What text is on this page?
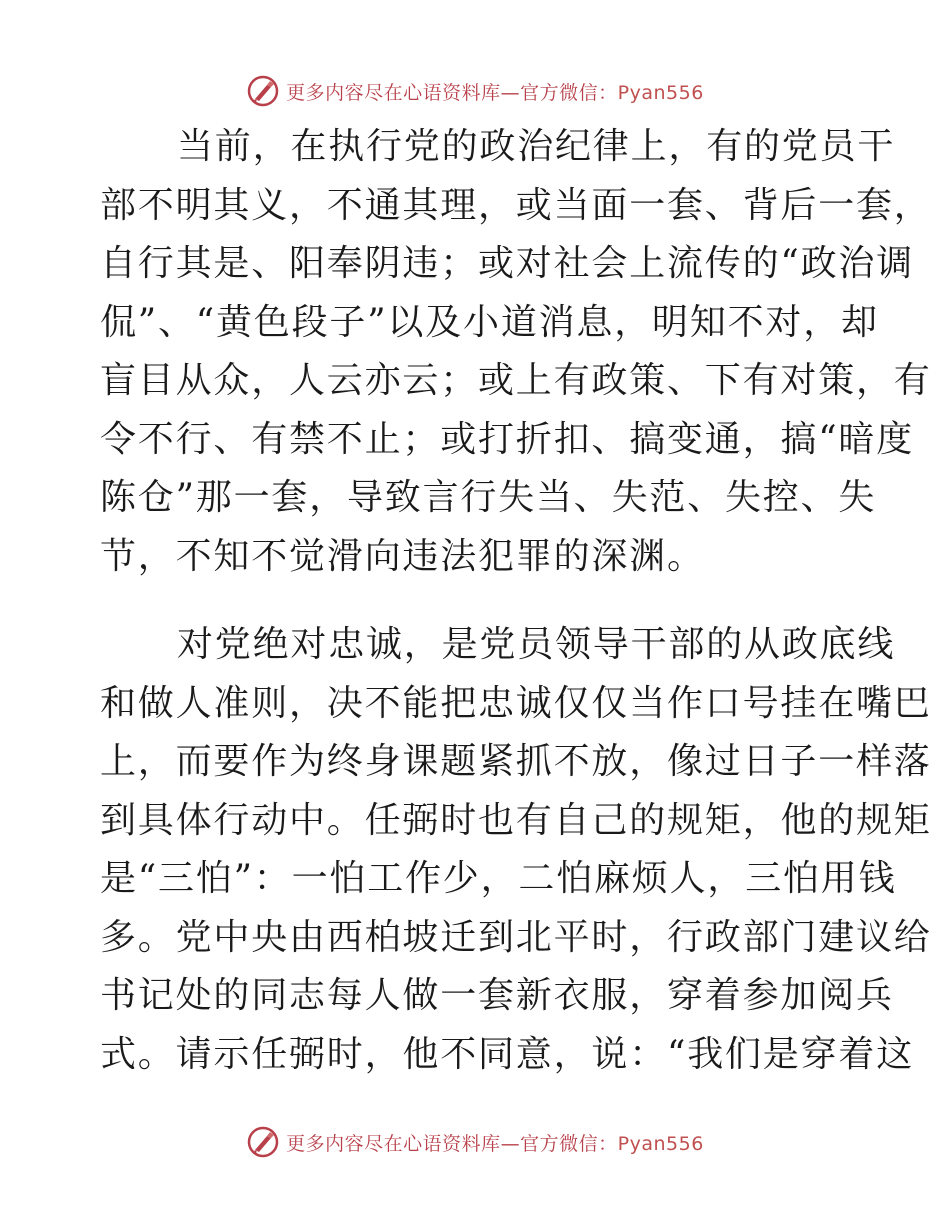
更多内容尽在心语资料库—官方微信：Pyan556
当前，在执行党的政治纪律上，有的党员干
部不明其义，不通其理，或当面一套、背后一套，
自行其是、阳奉阴违；或对社会上流传的“政治调
侃”、“黄色段子”以及小道消息，明知不对，却
盲目从众，人云亦云；或上有政策、下有对策，有
令不行、有禁不止；或打折扣、搞变通，搞“暗度
陈仓”那一套，导致言行失当、失范、失控、失
节，不知不觉滑向违法犯罪的深渊。
对党绝对忠诚，是党员领导干部的从政底线
和做人准则，决不能把忠诚仅仅当作口号挂在嘴巴
上，而要作为终身课题紧抓不放，像过日子一样落
到具体行动中。任弼时也有自己的规矩，他的规矩
是“三怕”：一怕工作少，二怕麻烦人，三怕用钱
多。党中央由西柏坡迁到北平时，行政部门建议给
书记处的同志每人做一套新衣服，穿着参加阅兵
式。请示任弼时，他不同意，说：“我们是穿着这
更多内容尽在心语资料库—官方微信：Pyan556
